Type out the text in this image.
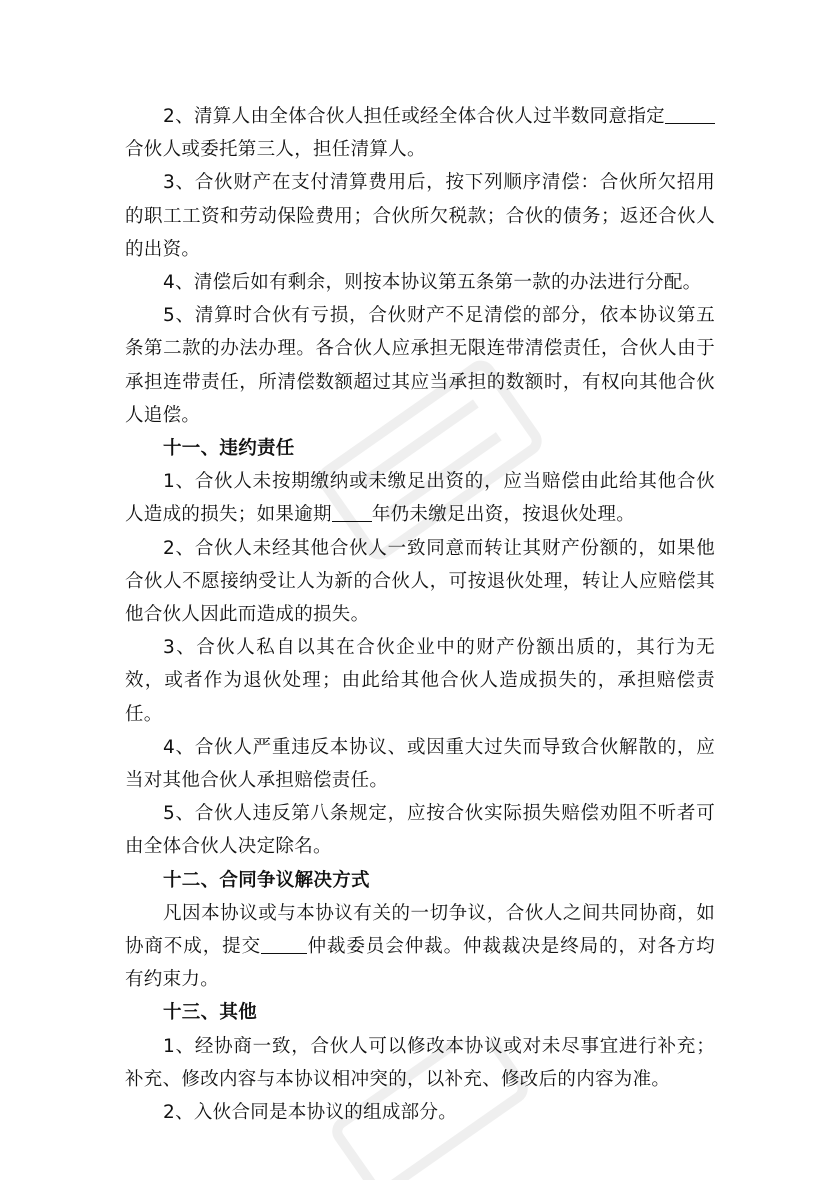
2、清算人由全体合伙人担任或经全体合伙人过半数同意指定合伙人或委托第三人，担任清算人。

3、合伙财产在支付清算费用后，按下列顺序清偿：合伙所欠招用的职工工资和劳动保险费用；合伙所欠税款；合伙的债务；返还合伙人的出资。

4、清偿后如有剩余，则按本协议第五条第一款的办法进行分配。

5、清算时合伙有亏损，合伙财产不足清偿的部分，依本协议第五条第二款的办法办理。各合伙人应承担无限连带清偿责任，合伙人由于承担连带责任，所清偿数额超过其应当承担的数额时，有权向其他合伙人追偿。

十一、违约责任

1、合伙人未按期缴纳或未缴足出资的，应当赔偿由此给其他合伙人造成的损失；如果逾期 年仍未缴足出资，按退伙处理。

2、合伙人未经其他合伙人一致同意而转让其财产份额的，如果他合伙人不愿接纳受让人为新的合伙人，可按退伙处理，转让人应赔偿其他合伙人因此而造成的损失。

3、合伙人私自以其在合伙企业中的财产份额出质的，其行为无效，或者作为退伙处理；由此给其他合伙人造成损失的，承担赔偿责任。

4、合伙人严重违反本协议、或因重大过失而导致合伙解散的，应当对其他合伙人承担赔偿责任。

5、合伙人违反第八条规定，应按合伙实际损失赔偿劝阻不听者可由全体合伙人决定除名。

十二、合同争议解决方式

凡因本协议或与本协议有关的一切争议，合伙人之间共同协商，如协商不成，提交 仲裁委员会仲裁。仲裁裁决是终局的，对各方均有约束力。

十三、其他

1、经协商一致，合伙人可以修改本协议或对未尽事宜进行补充；补充、修改内容与本协议相冲突的，以补充、修改后的内容为准。

2、入伙合同是本协议的组成部分。
